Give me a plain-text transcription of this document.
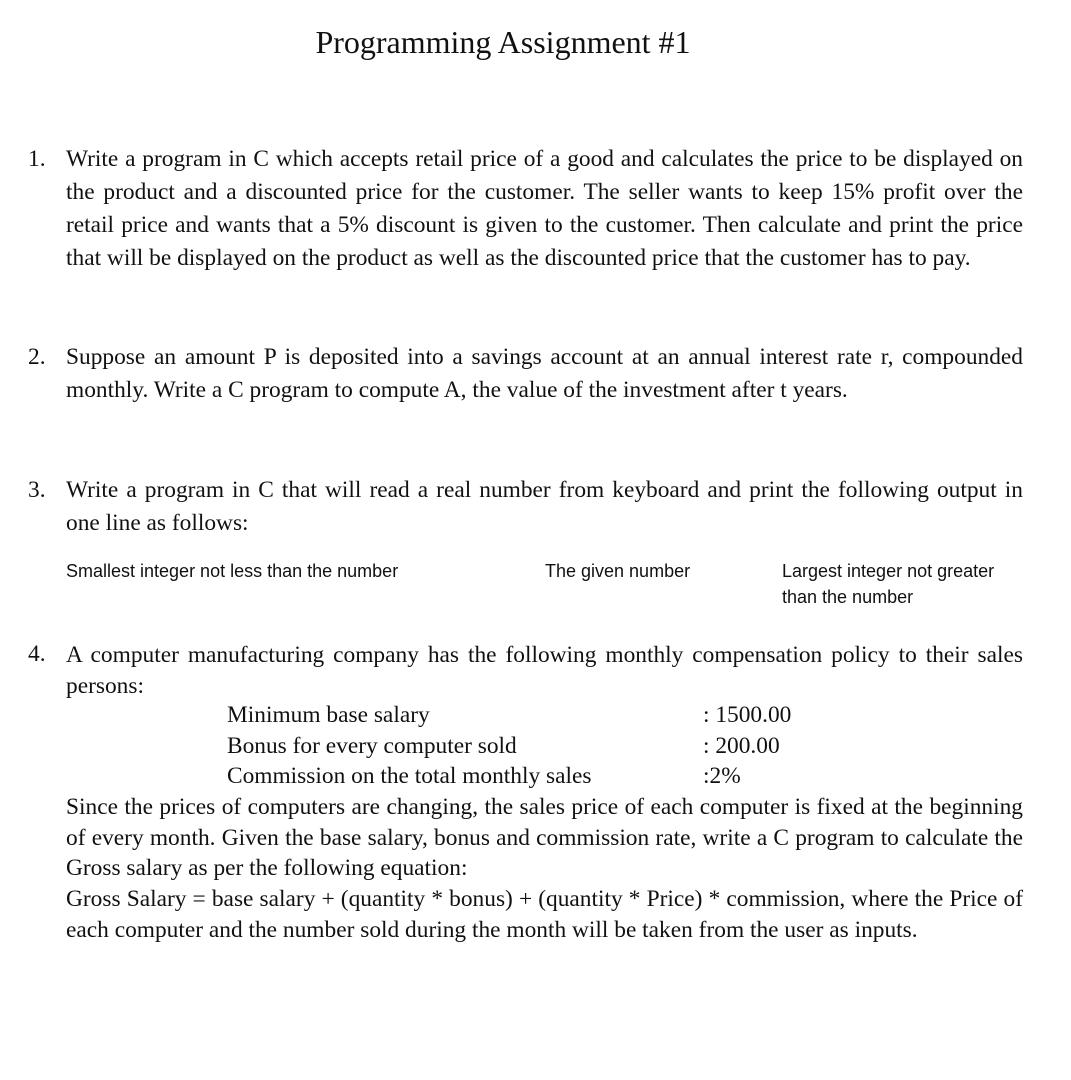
Programming Assignment #1
1. Write a program in C which accepts retail price of a good and calculates the price to be displayed on the product and a discounted price for the customer. The seller wants to keep 15% profit over the retail price and wants that a 5% discount is given to the customer. Then calculate and print the price that will be displayed on the product as well as the discounted price that the customer has to pay.
2. Suppose an amount P is deposited into a savings account at an annual interest rate r, compounded monthly. Write a C program to compute A, the value of the investment after t years.
3. Write a program in C that will read a real number from keyboard and print the following output in one line as follows:
Smallest integer not less than the number	The given number	Largest integer not greater than the number
4. A computer manufacturing company has the following monthly compensation policy to their sales persons:
Minimum base salary	: 1500.00
Bonus for every computer sold	: 200.00
Commission on the total monthly sales	:2%
Since the prices of computers are changing, the sales price of each computer is fixed at the beginning of every month. Given the base salary, bonus and commission rate, write a C program to calculate the Gross salary as per the following equation:
Gross Salary = base salary + (quantity * bonus) + (quantity * Price) * commission, where the Price of each computer and the number sold during the month will be taken from the user as inputs.
